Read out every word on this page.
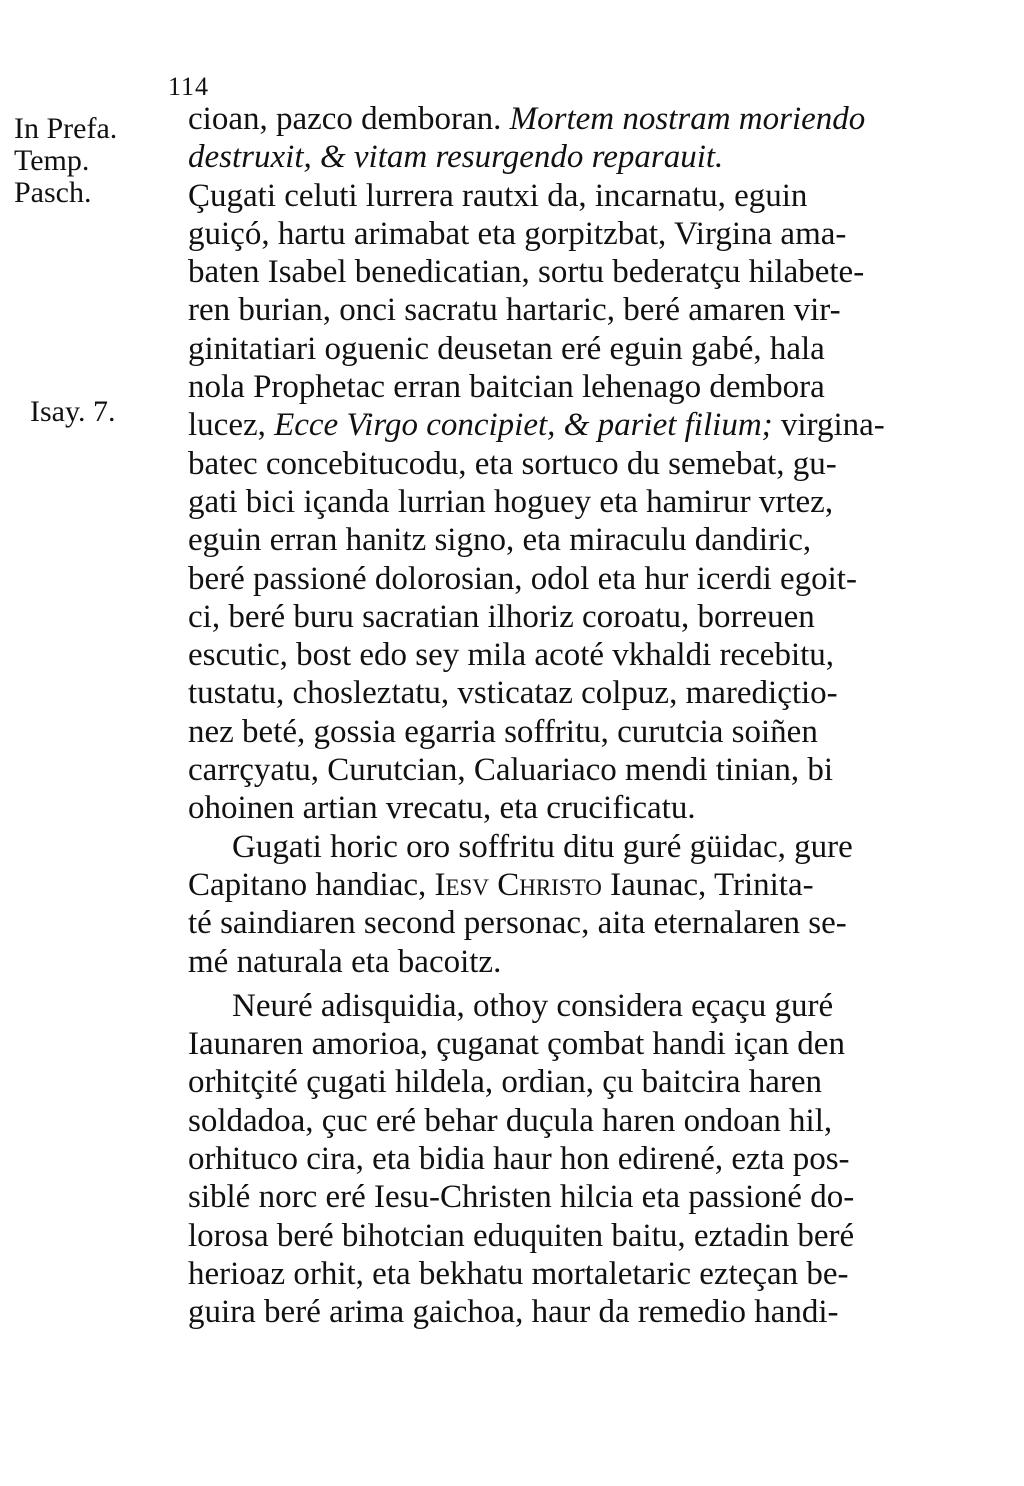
114
In Prefa.
Temp.
Pasch.
Isay. 7.
cioan, pazco demboran. Mortem nostram moriendo
destruxit, & vitam resurgendo reparauit.
Çugati celuti lurrera rautxi da, incarnatu, eguin
guiçó, hartu arimabat eta gorpitzbat, Virgina ama-
baten Isabel benedicatian, sortu bederatçu hilabete-
ren burian, onci sacratu hartaric, beré amaren vir-
ginitatiari oguenic deusetan eré eguin gabé, hala
nola Prophetac erran baitcian lehenago dembora
lucez, Ecce Virgo concipiet, & pariet filium; virgina-
batec concebitucodu, eta sortuco du semebat, gu-
gati bici içanda lurrian hoguey eta hamirur vrtez,
eguin erran hanitz signo, eta miraculu dandiric,
beré passioné dolorosian, odol eta hur icerdi egoit-
ci, beré buru sacratian ilhoriz coroatu, borreuen
escutic, bost edo sey mila acoté vkhaldi recebitu,
tustatu, chosleztatu, vsticataz colpuz, marediçtio-
nez beté, gossia egarria soffritu, curutcia soiñen
carrçyatu, Curutcian, Caluariaco mendi tinian, bi
ohoinen artian vrecatu, eta crucificatu.
Gugati horic oro soffritu ditu guré güidac, gure
Capitano handiac, Iesv Christo Iaunac, Trinita-
té saindiaren second personac, aita eternalaren se-
mé naturala eta bacoitz.
Neuré adisquidia, othoy considera eçaçu guré
Iaunaren amorioa, çuganat çombat handi içan den
orhitçité çugati hildela, ordian, çu baitcira haren
soldadoa, çuc eré behar duçula haren ondoan hil,
orhituco cira, eta bidia haur hon edirené, ezta pos-
siblé norc eré Iesu-Christen hilcia eta passioné do-
lorosa beré bihotcian eduquiten baitu, eztadin beré
herioaz orhit, eta bekhatu mortaletaric ezteçan be-
guira beré arima gaichoa, haur da remedio handi-
